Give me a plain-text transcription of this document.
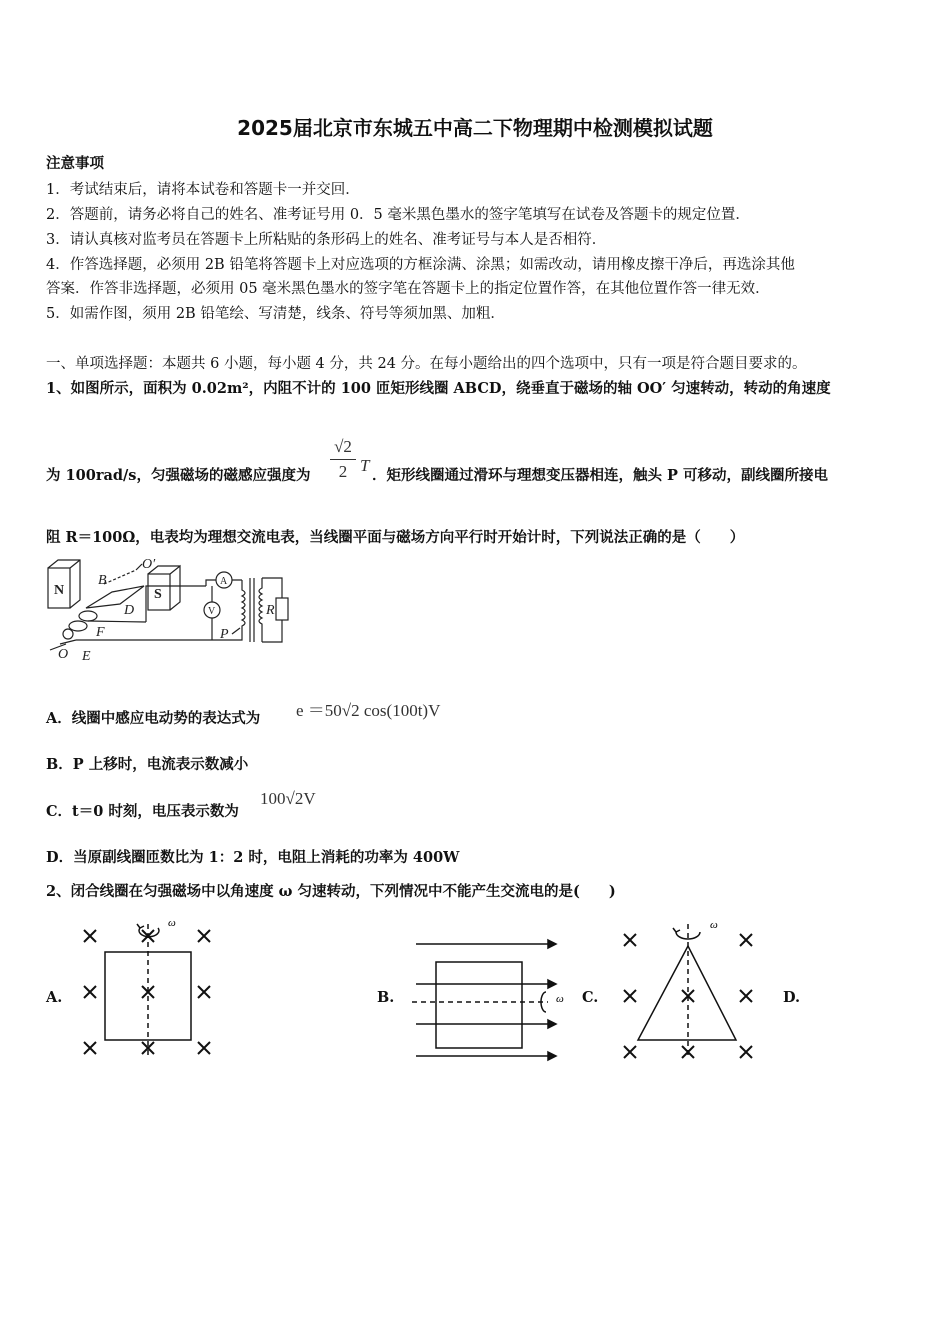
2025届北京市东城五中高二下物理期中检测模拟试题
注意事项
1．考试结束后，请将本试卷和答题卡一并交回．
2．答题前，请务必将自己的姓名、准考证号用 0．5 毫米黑色墨水的签字笔填写在试卷及答题卡的规定位置．
3．请认真核对监考员在答题卡上所粘贴的条形码上的姓名、准考证号与本人是否相符．
4．作答选择题，必须用 2B 铅笔将答题卡上对应选项的方框涂满、涂黑；如需改动，请用橡皮擦干净后，再选涂其他
答案．作答非选择题，必须用 05 毫米黑色墨水的签字笔在答题卡上的指定位置作答，在其他位置作答一律无效．
5．如需作图，须用 2B 铅笔绘、写清楚，线条、符号等须加黑、加粗．
一、单项选择题：本题共 6 小题，每小题 4 分，共 24 分。在每小题给出的四个选项中，只有一项是符合题目要求的。
1、如图所示，面积为 0.02m²，内阻不计的 100 匝矩形线圈 ABCD，绕垂直于磁场的轴 OO′ 匀速转动，转动的角速度
为 100rad/s，匀强磁场的磁感应强度为 $\frac{√2}{2}$ T
．矩形线圈通过滑环与理想变压器相连，触头 P 可移动，副线圈所接电
阻 R＝100Ω，电表均为理想交流电表，当线圈平面与磁场方向平行时开始计时，下列说法正确的是（　　）
N	S
B
D
O′
F
O E
A
V
P
R
A．线圈中感应电动势的表达式为 e ＝50√2 cos(100t)V
B．P 上移时，电流表示数减小
C．t＝0 时刻，电压表示数为
100√2V
D．当原副线圈匝数比为 1：2 时，电阻上消耗的功率为 400W
2、闭合线圈在匀强磁场中以角速度 ω 匀速转动，下列情况中不能产生交流电的是(　　)
A.	B.	C.	D.
ω
ω
ω
